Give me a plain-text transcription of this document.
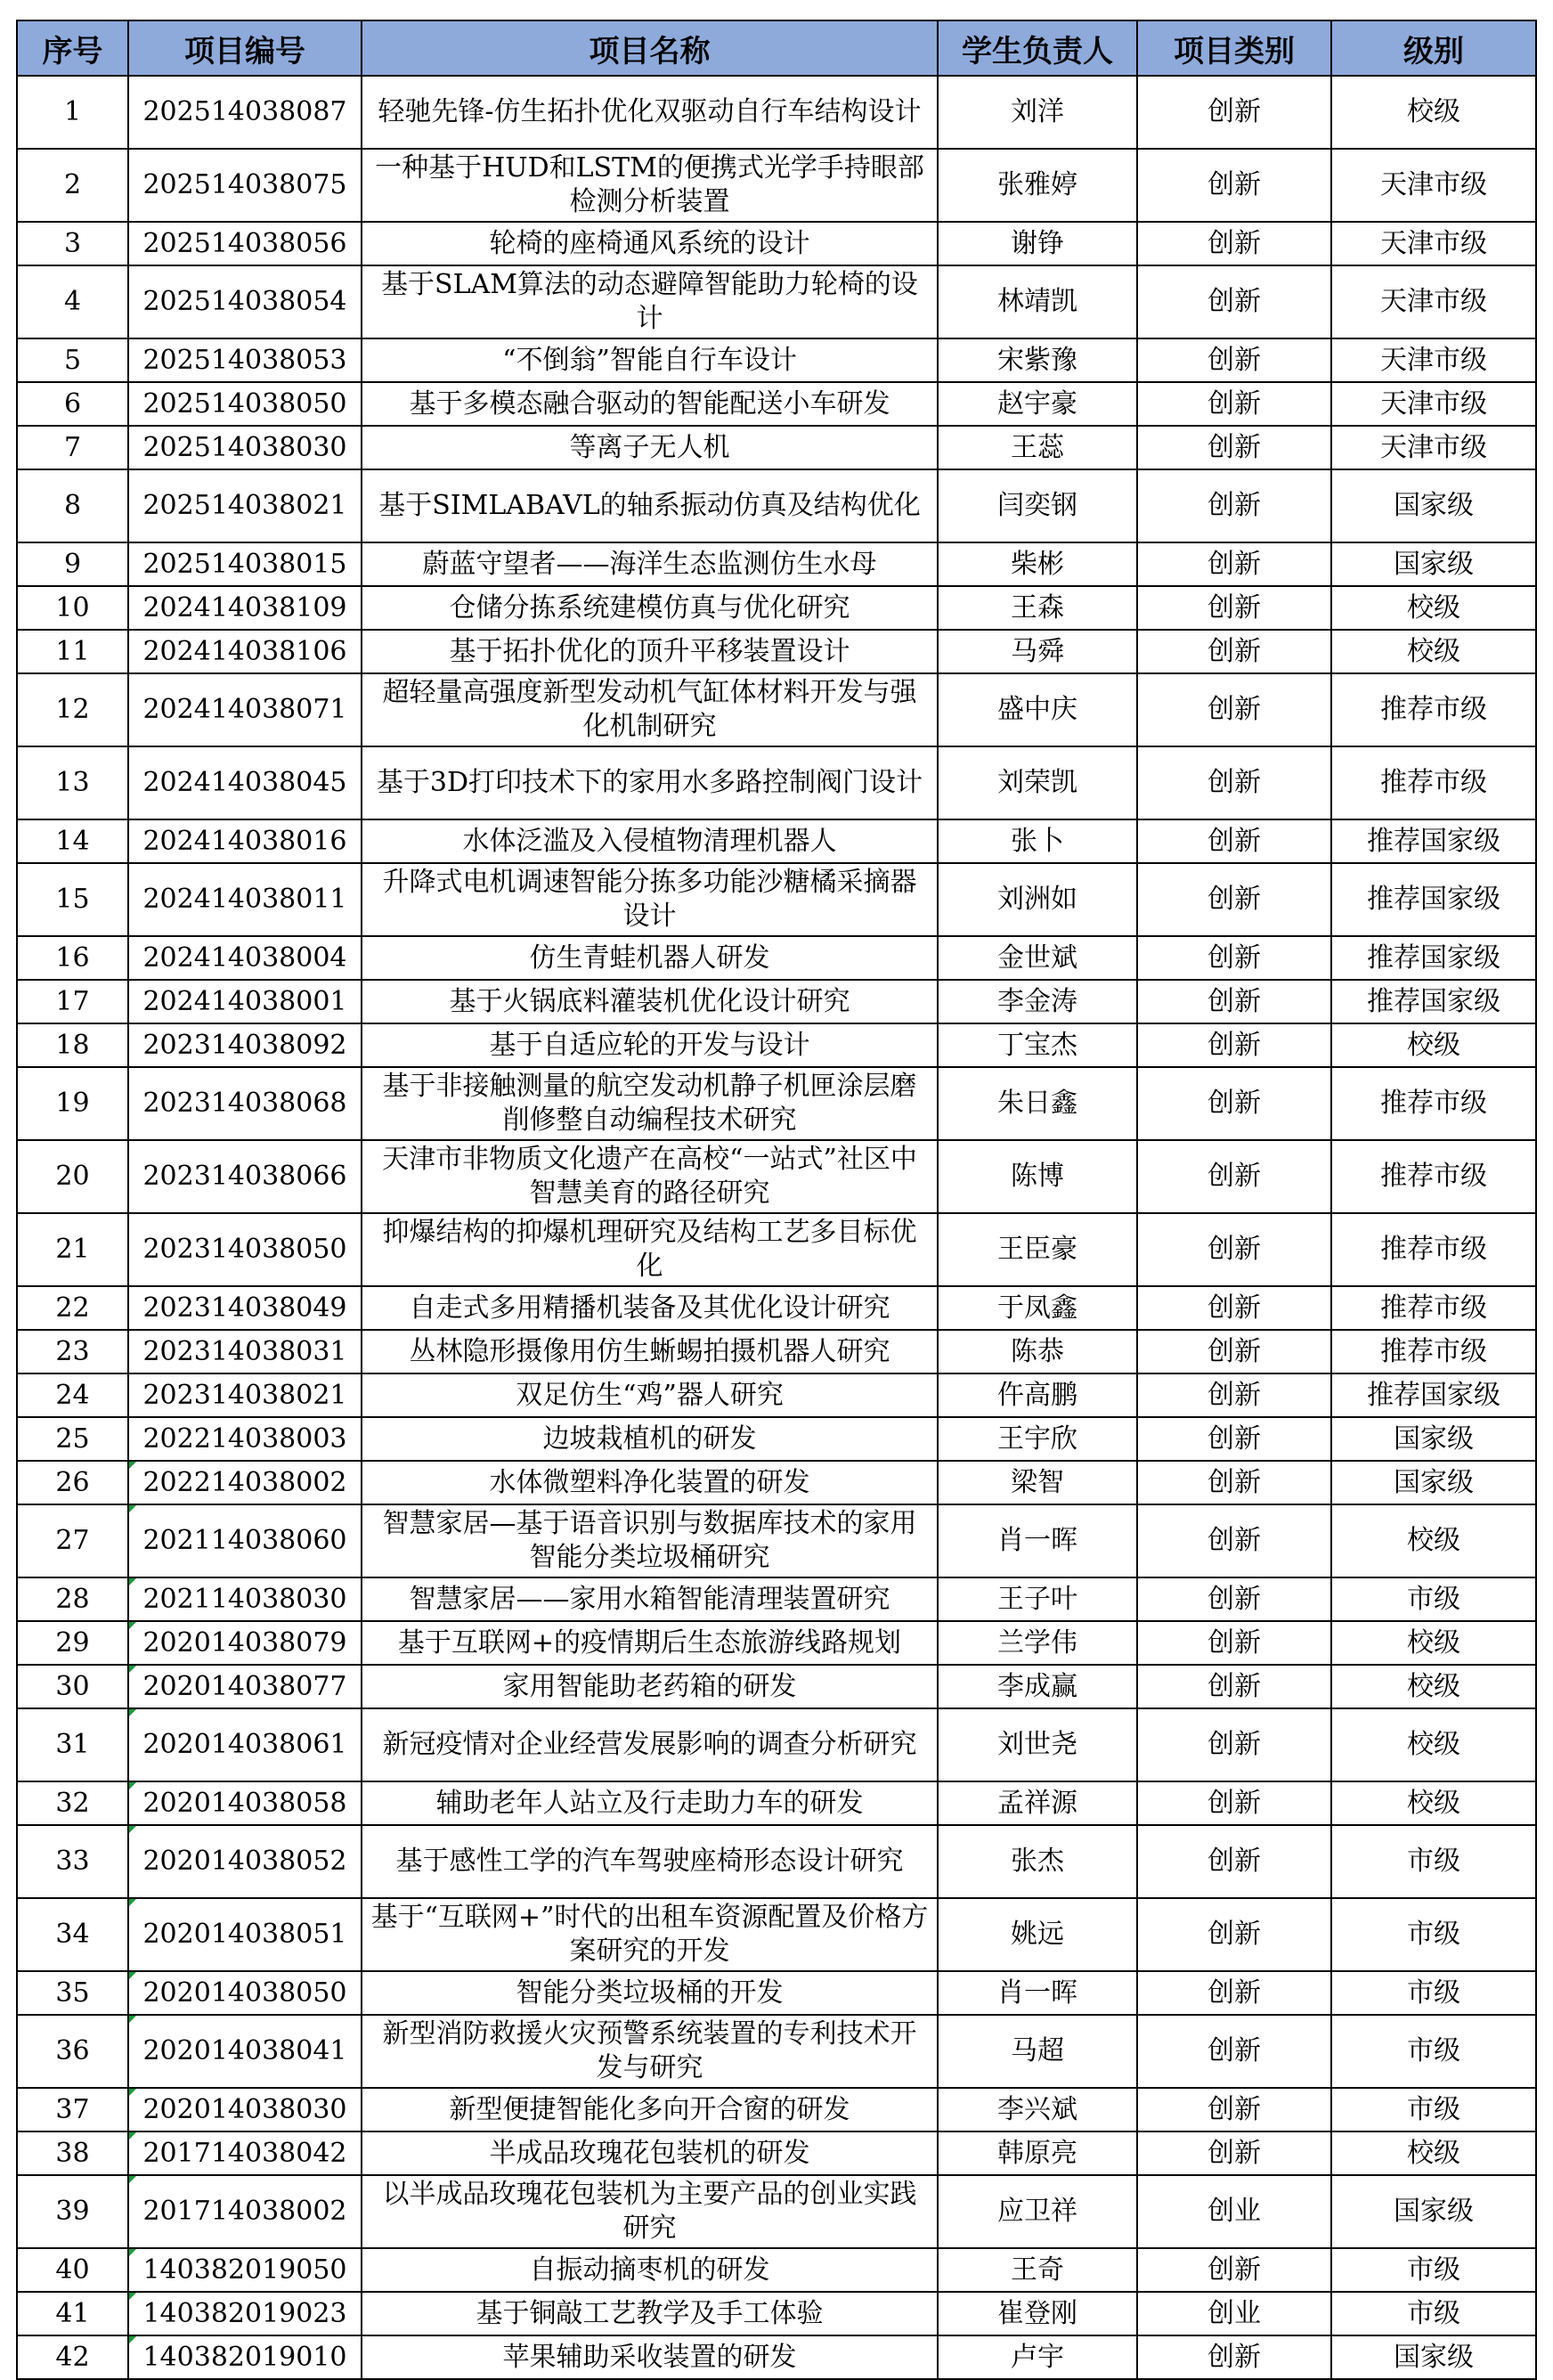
序号	项目编号	项目名称	学生负责人	项目类别	级别
1	202514038087	轻驰先锋-仿生拓扑优化双驱动自行车结构设计	刘洋	创新	校级
2	202514038075	一种基于HUD和LSTM的便携式光学手持眼部检测分析装置	张雅婷	创新	天津市级
3	202514038056	轮椅的座椅通风系统的设计	谢铮	创新	天津市级
4	202514038054	基于SLAM算法的动态避障智能助力轮椅的设计	林靖凯	创新	天津市级
5	202514038053	“不倒翁”智能自行车设计	宋紫豫	创新	天津市级
6	202514038050	基于多模态融合驱动的智能配送小车研发	赵宇豪	创新	天津市级
7	202514038030	等离子无人机	王蕊	创新	天津市级
8	202514038021	基于SIMLABAVL的轴系振动仿真及结构优化	闫奕钢	创新	国家级
9	202514038015	蔚蓝守望者——海洋生态监测仿生水母	柴彬	创新	国家级
10	202414038109	仓储分拣系统建模仿真与优化研究	王森	创新	校级
11	202414038106	基于拓扑优化的顶升平移装置设计	马舜	创新	校级
12	202414038071	超轻量高强度新型发动机气缸体材料开发与强化机制研究	盛中庆	创新	推荐市级
13	202414038045	基于3D打印技术下的家用水多路控制阀门设计	刘荣凯	创新	推荐市级
14	202414038016	水体泛滥及入侵植物清理机器人	张卜	创新	推荐国家级
15	202414038011	升降式电机调速智能分拣多功能沙糖橘采摘器设计	刘洲如	创新	推荐国家级
16	202414038004	仿生青蛙机器人研发	金世斌	创新	推荐国家级
17	202414038001	基于火锅底料灌装机优化设计研究	李金涛	创新	推荐国家级
18	202314038092	基于自适应轮的开发与设计	丁宝杰	创新	校级
19	202314038068	基于非接触测量的航空发动机静子机匣涂层磨削修整自动编程技术研究	朱日鑫	创新	推荐市级
20	202314038066	天津市非物质文化遗产在高校“一站式”社区中智慧美育的路径研究	陈博	创新	推荐市级
21	202314038050	抑爆结构的抑爆机理研究及结构工艺多目标优化	王臣豪	创新	推荐市级
22	202314038049	自走式多用精播机装备及其优化设计研究	于凤鑫	创新	推荐市级
23	202314038031	丛林隐形摄像用仿生蜥蜴拍摄机器人研究	陈恭	创新	推荐市级
24	202314038021	双足仿生“鸡”器人研究	仵高鹏	创新	推荐国家级
25	202214038003	边坡栽植机的研发	王宇欣	创新	国家级
26	202214038002	水体微塑料净化装置的研发	梁智	创新	国家级
27	202114038060	智慧家居—基于语音识别与数据库技术的家用智能分类垃圾桶研究	肖一晖	创新	校级
28	202114038030	智慧家居——家用水箱智能清理装置研究	王子叶	创新	市级
29	202014038079	基于互联网+的疫情期后生态旅游线路规划	兰学伟	创新	校级
30	202014038077	家用智能助老药箱的研发	李成赢	创新	校级
31	202014038061	新冠疫情对企业经营发展影响的调查分析研究	刘世尧	创新	校级
32	202014038058	辅助老年人站立及行走助力车的研发	孟祥源	创新	校级
33	202014038052	基于感性工学的汽车驾驶座椅形态设计研究	张杰	创新	市级
34	202014038051	基于“互联网+”时代的出租车资源配置及价格方案研究的开发	姚远	创新	市级
35	202014038050	智能分类垃圾桶的开发	肖一晖	创新	市级
36	202014038041	新型消防救援火灾预警系统装置的专利技术开发与研究	马超	创新	市级
37	202014038030	新型便捷智能化多向开合窗的研发	李兴斌	创新	市级
38	201714038042	半成品玫瑰花包装机的研发	韩原亮	创新	校级
39	201714038002	以半成品玫瑰花包装机为主要产品的创业实践研究	应卫祥	创业	国家级
40	140382019050	自振动摘枣机的研发	王奇	创新	市级
41	140382019023	基于铜敲工艺教学及手工体验	崔登刚	创业	市级
42	140382019010	苹果辅助采收装置的研发	卢宇	创新	国家级
